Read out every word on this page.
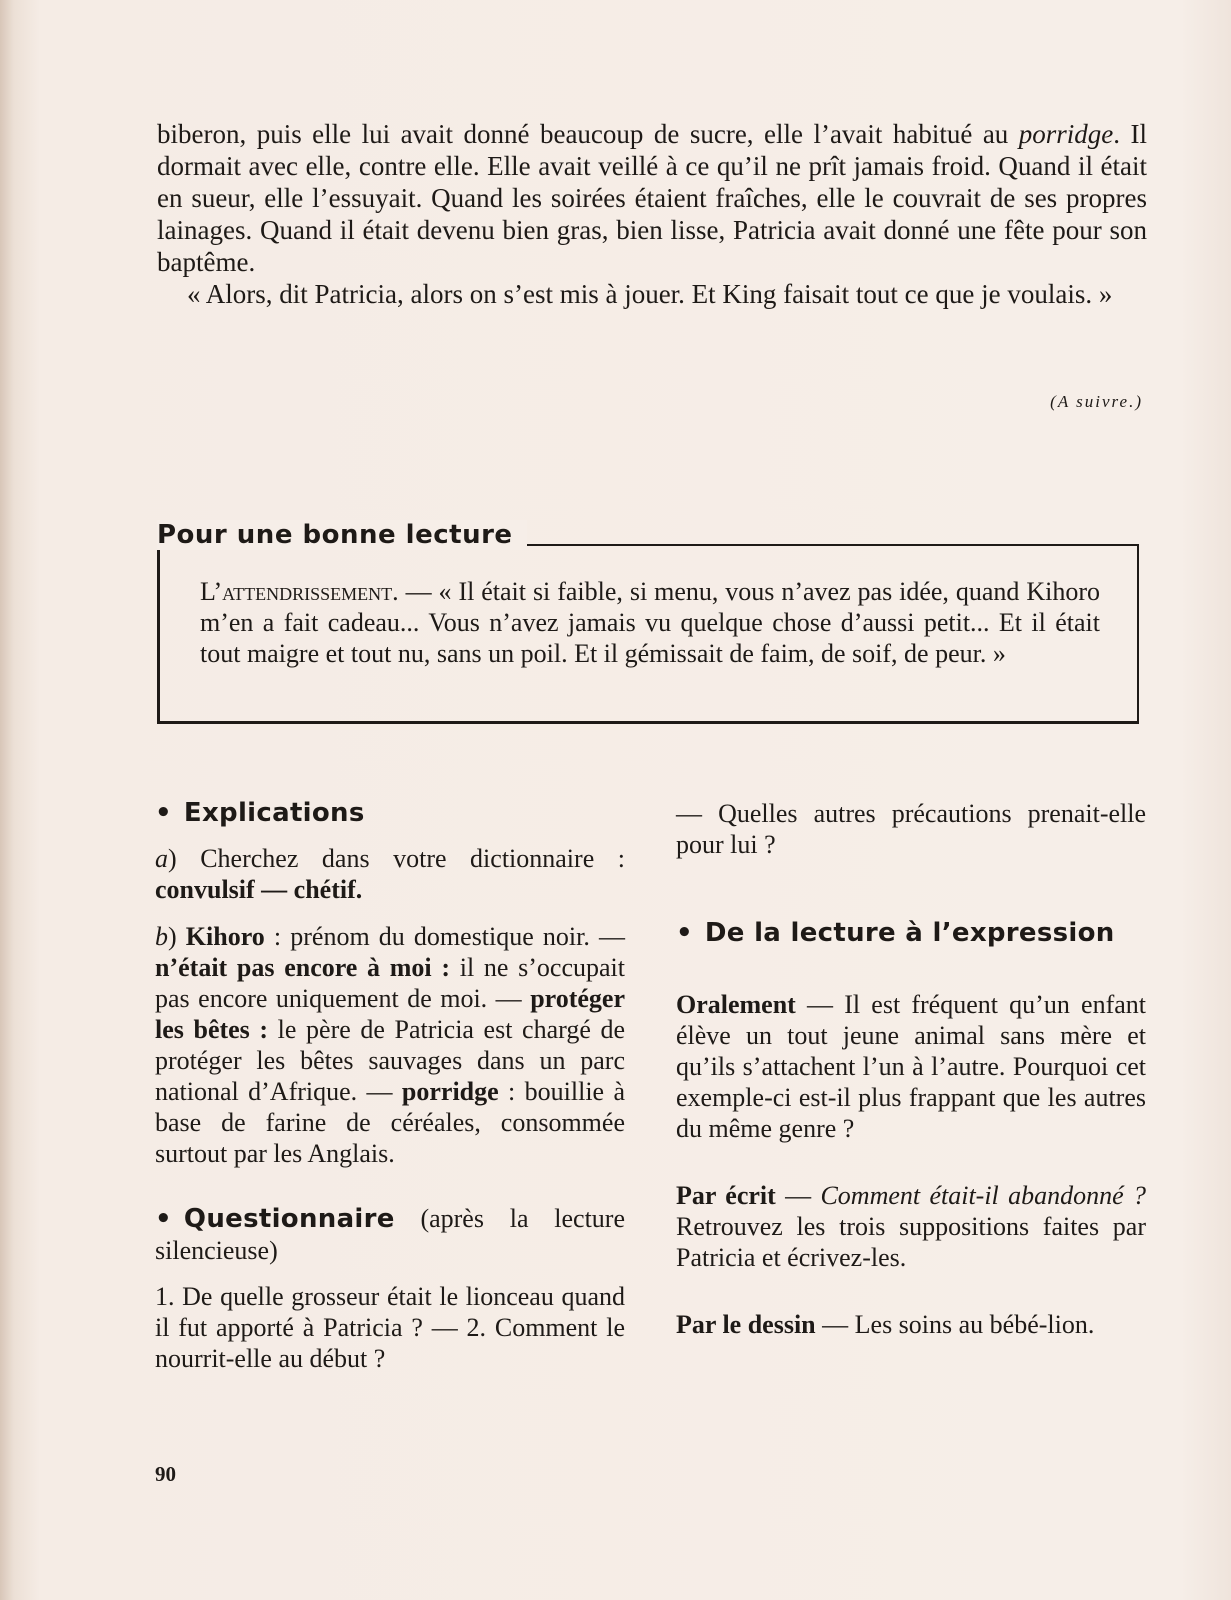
biberon, puis elle lui avait donné beaucoup de sucre, elle l’avait habitué au porridge. Il dormait avec elle, contre elle. Elle avait veillé à ce qu’il ne prît jamais froid. Quand il était en sueur, elle l’essuyait. Quand les soirées étaient fraîches, elle le couvrait de ses propres lainages. Quand il était devenu bien gras, bien lisse, Patricia avait donné une fête pour son baptême.

« Alors, dit Patricia, alors on s’est mis à jouer. Et King faisait tout ce que je voulais. »

(A suivre.)
Pour une bonne lecture
L’attendrissement. — « Il était si faible, si menu, vous n’avez pas idée, quand Kihoro m’en a fait cadeau... Vous n’avez jamais vu quelque chose d’aussi petit... Et il était tout maigre et tout nu, sans un poil. Et il gémissait de faim, de soif, de peur. »
• Explications

a) Cherchez dans votre dictionnaire : convulsif — chétif.

b) Kihoro : prénom du domestique noir. — n’était pas encore à moi : il ne s’occupait pas encore uniquement de moi. — protéger les bêtes : le père de Patricia est chargé de protéger les bêtes sauvages dans un parc national d’Afrique. — porridge : bouillie à base de farine de céréales, consommée surtout par les Anglais.

• Questionnaire (après la lecture silencieuse)

1. De quelle grosseur était le lionceau quand il fut apporté à Patricia ? — 2. Comment le nourrit-elle au début ?

— Quelles autres précautions prenait-elle pour lui ?

• De la lecture à l’expression

Oralement — Il est fréquent qu’un enfant élève un tout jeune animal sans mère et qu’ils s’attachent l’un à l’autre. Pourquoi cet exemple-ci est-il plus frappant que les autres du même genre ?

Par écrit — Comment était-il abandonné ? Retrouvez les trois suppositions faites par Patricia et écrivez-les.

Par le dessin — Les soins au bébé-lion.

90
